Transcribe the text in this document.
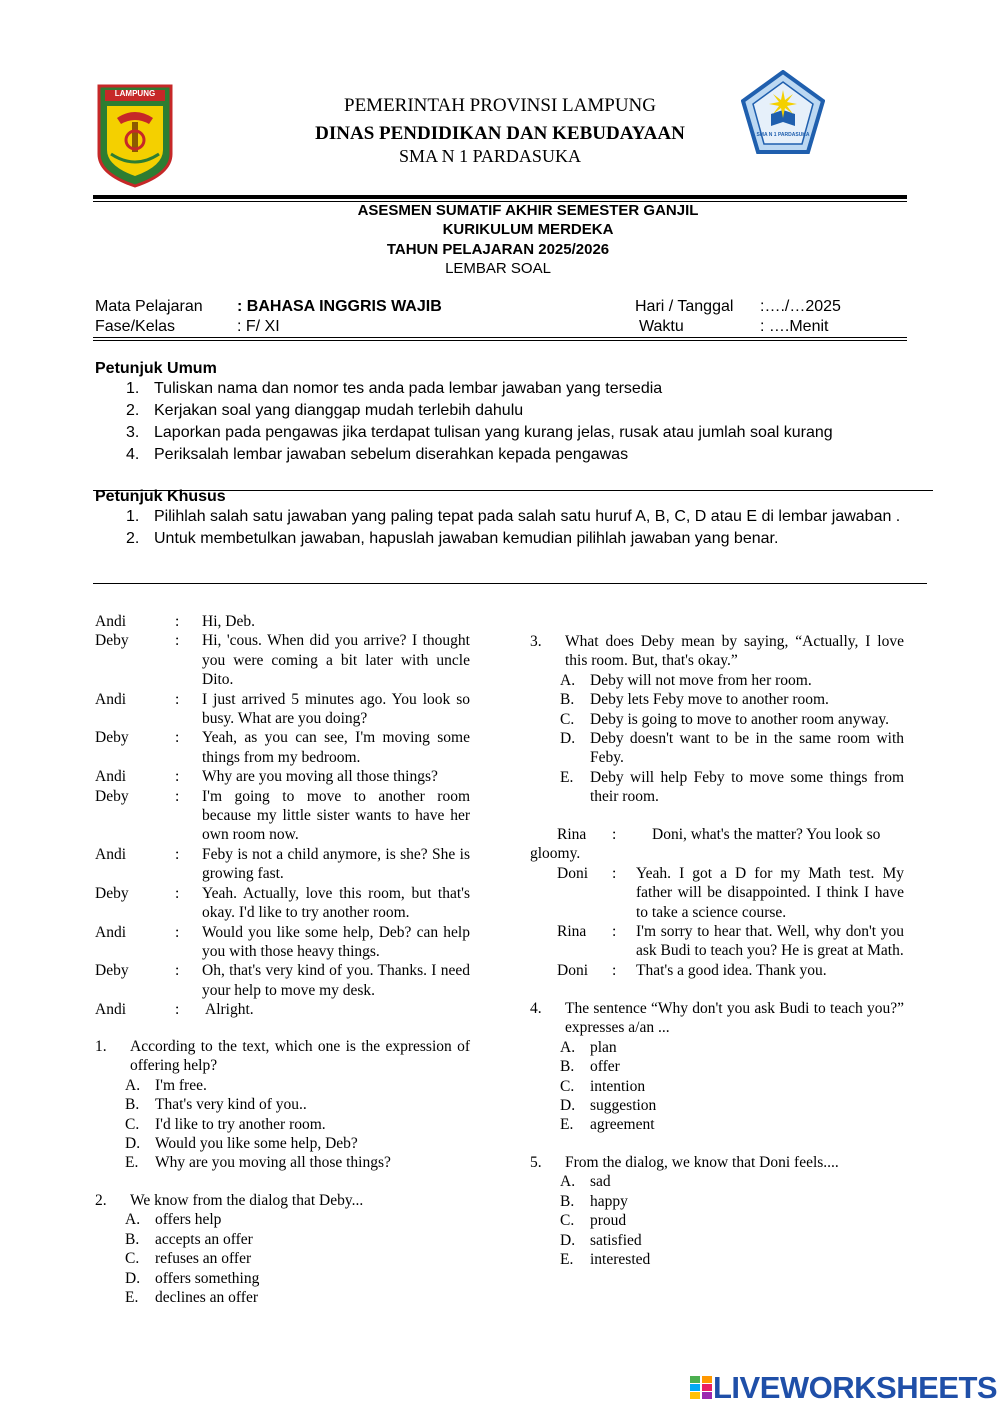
LAMPUNG
SMA N 1 PARDASUKA
PEMERINTAH PROVINSI LAMPUNG
DINAS PENDIDIKAN DAN KEBUDAYAAN
SMA N 1 PARDASUKA
ASESMEN SUMATIF AKHIR SEMESTER GANJIL
KURIKULUM MERDEKA
TAHUN PELAJARAN 2025/2026
LEMBAR SOAL
Mata Pelajaran : BAHASA INGGRIS WAJIB
Fase/Kelas	: F/ XI
Hari / Tanggal :…./…2025
Waktu	: ….Menit
Petunjuk Umum
1. Tuliskan nama dan nomor tes anda pada lembar jawaban yang tersedia
2. Kerjakan soal yang dianggap mudah terlebih dahulu
3. Laporkan pada pengawas jika terdapat tulisan yang kurang jelas, rusak atau jumlah soal kurang
4. Periksalah lembar jawaban sebelum diserahkan kepada pengawas
Petunjuk Khusus
1. Pilihlah salah satu jawaban yang paling tepat pada salah satu huruf A, B, C, D atau E di lembar jawaban .
2. Untuk membetulkan jawaban, hapuslah jawaban kemudian pilihlah jawaban yang benar.
Andi	:	Hi, Deb.
Deby	:	Hi, 'cous. When did you arrive? I thought you were coming a bit later with uncle Dito.
Andi	:	I just arrived 5 minutes ago. You look so busy. What are you doing?
Deby	:	Yeah, as you can see, I'm moving some things from my bedroom.
Andi	:	Why are you moving all those things?
Deby	:	I'm going to move to another room because my little sister wants to have her own room now.
Andi	:	Feby is not a child anymore, is she? She is growing fast.
Deby	:	Yeah. Actually, love this room, but that's okay. I'd like to try another room.
Andi	:	Would you like some help, Deb? can help you with those heavy things.
Deby	:	Oh, that's very kind of you. Thanks. I need your help to move my desk.
Andi	:	Alright.
1.	According to the text, which one is the expression of offering help?
A. I'm free.
B.	That's very kind of you..
C.	I'd like to try another room.
D. Would you like some help, Deb?
E.	Why are you moving all those things?
2.	We know from the dialog that Deby...
A. offers help
B.	accepts an offer
C.	refuses an offer
D. offers something
E.	declines an offer
3.	What does Deby mean by saying, “Actually, I love this room. But, that's okay.”
A. Deby will not move from her room.
B.	Deby lets Feby move to another room.
C.	Deby is going to move to another room anyway.
D. Deby doesn't want to be in the same room with Feby.
E.	Deby will help Feby to move some things from their room.
Rina	:	Doni, what's the matter? You look so
gloomy.
Doni	:	Yeah. I got a D for my Math test. My father will be disappointed. I think I have to take a science course.
Rina	:	I'm sorry to hear that. Well, why don't you ask Budi to teach you? He is great at Math.
Doni	:	That's a good idea. Thank you.
4.	The sentence “Why don't you ask Budi to teach you?” expresses a/an ...
A. plan
B.	offer
C.	intention
D. suggestion
E.	agreement
5.	From the dialog, we know that Doni feels....
A. sad
B.	happy
C.	proud
D. satisfied
E.	interested
LIVEWORKSHEETS
